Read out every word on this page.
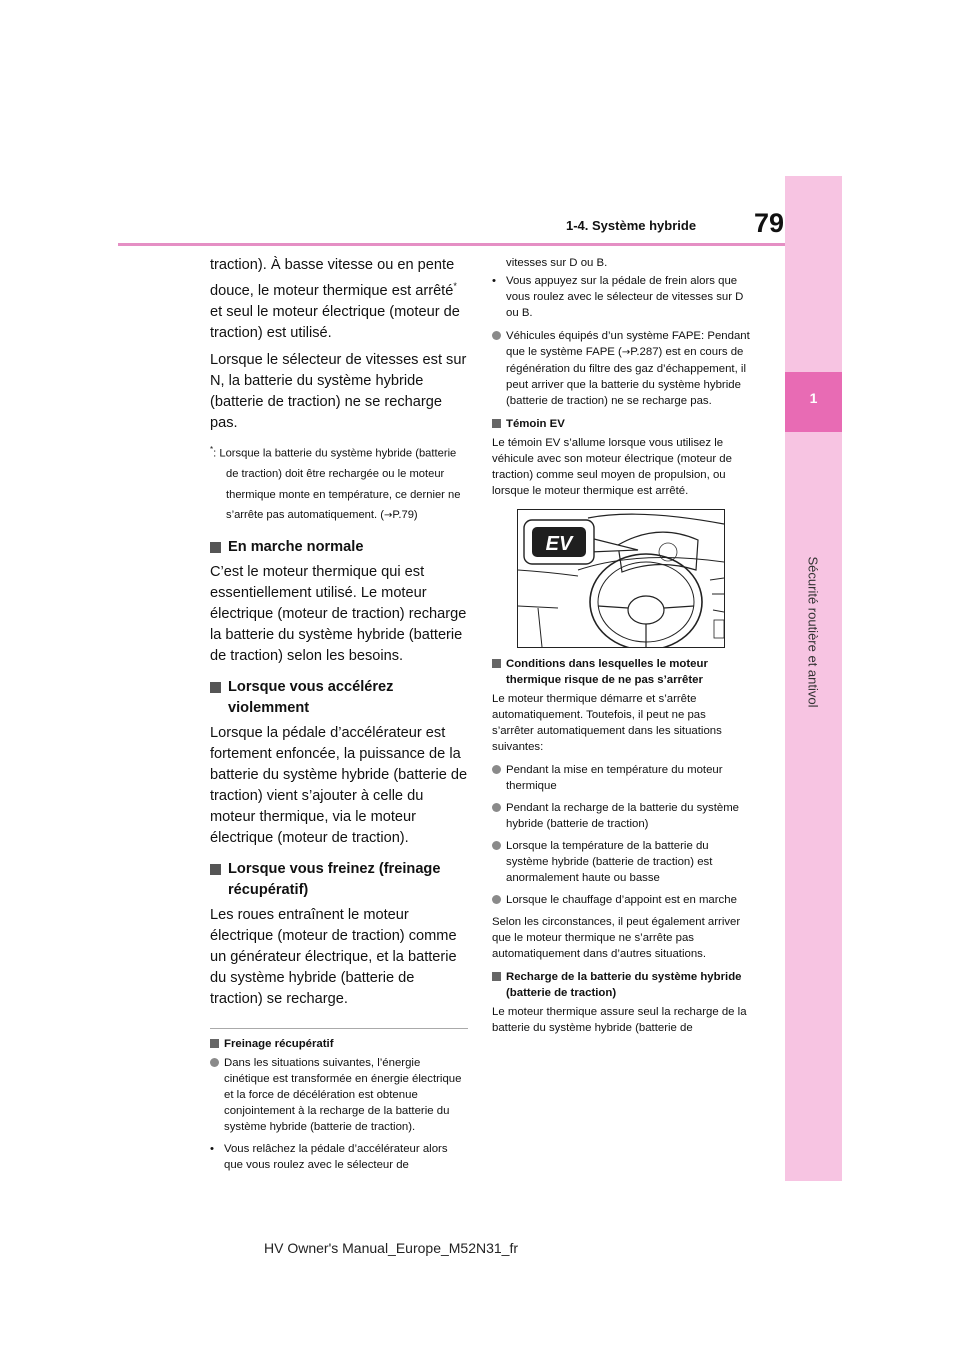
79
1-4. Système hybride
1
Sécurité routière et antivol

traction). À basse vitesse ou en pente douce, le moteur thermique est arrêté* et seul le moteur électrique (moteur de traction) est utilisé.

Lorsque le sélecteur de vitesses est sur N, la batterie du système hybride (batterie de traction) ne se recharge pas.

*: Lorsque la batterie du système hybride (batterie de traction) doit être rechargée ou le moteur thermique monte en température, ce dernier ne s’arrête pas automatiquement. (→P.79)

En marche normale

C’est le moteur thermique qui est essentiellement utilisé. Le moteur électrique (moteur de traction) recharge la batterie du système hybride (batterie de traction) selon les besoins.

Lorsque vous accélérez violemment

Lorsque la pédale d’accélérateur est fortement enfoncée, la puissance de la batterie du système hybride (batterie de traction) vient s’ajouter à celle du moteur thermique, via le moteur électrique (moteur de traction).

Lorsque vous freinez (freinage récupératif)

Les roues entraînent le moteur électrique (moteur de traction) comme un générateur électrique, et la batterie du système hybride (batterie de traction) se recharge.

Freinage récupératif
Dans les situations suivantes, l’énergie cinétique est transformée en énergie électrique et la force de décélération est obtenue conjointement à la recharge de la batterie du système hybride (batterie de traction).
• Vous relâchez la pédale d’accélérateur alors que vous roulez avec le sélecteur de
vitesses sur D ou B.
• Vous appuyez sur la pédale de frein alors que vous roulez avec le sélecteur de vitesses sur D ou B.
Véhicules équipés d’un système FAPE: Pendant que le système FAPE (→P.287) est en cours de régénération du filtre des gaz d’échappement, il peut arriver que la batterie du système hybride (batterie de traction) ne se recharge pas.
Témoin EV

Le témoin EV s’allume lorsque vous utilisez le véhicule avec son moteur électrique (moteur de traction) comme seul moyen de propulsion, ou lorsque le moteur thermique est arrêté.

EV
Conditions dans lesquelles le moteur thermique risque de ne pas s’arrêter

Le moteur thermique démarre et s’arrête automatiquement. Toutefois, il peut ne pas s’arrêter automatiquement dans les situations suivantes:

Pendant la mise en température du moteur thermique
Pendant la recharge de la batterie du système hybride (batterie de traction)
Lorsque la température de la batterie du système hybride (batterie de traction) est anormalement haute ou basse
Lorsque le chauffage d’appoint est en marche

Selon les circonstances, il peut également arriver que le moteur thermique ne s’arrête pas automatiquement dans d’autres situations.

Recharge de la batterie du système hybride (batterie de traction)

Le moteur thermique assure seul la recharge de la batterie du système hybride (batterie de

HV Owner's Manual_Europe_M52N31_fr
